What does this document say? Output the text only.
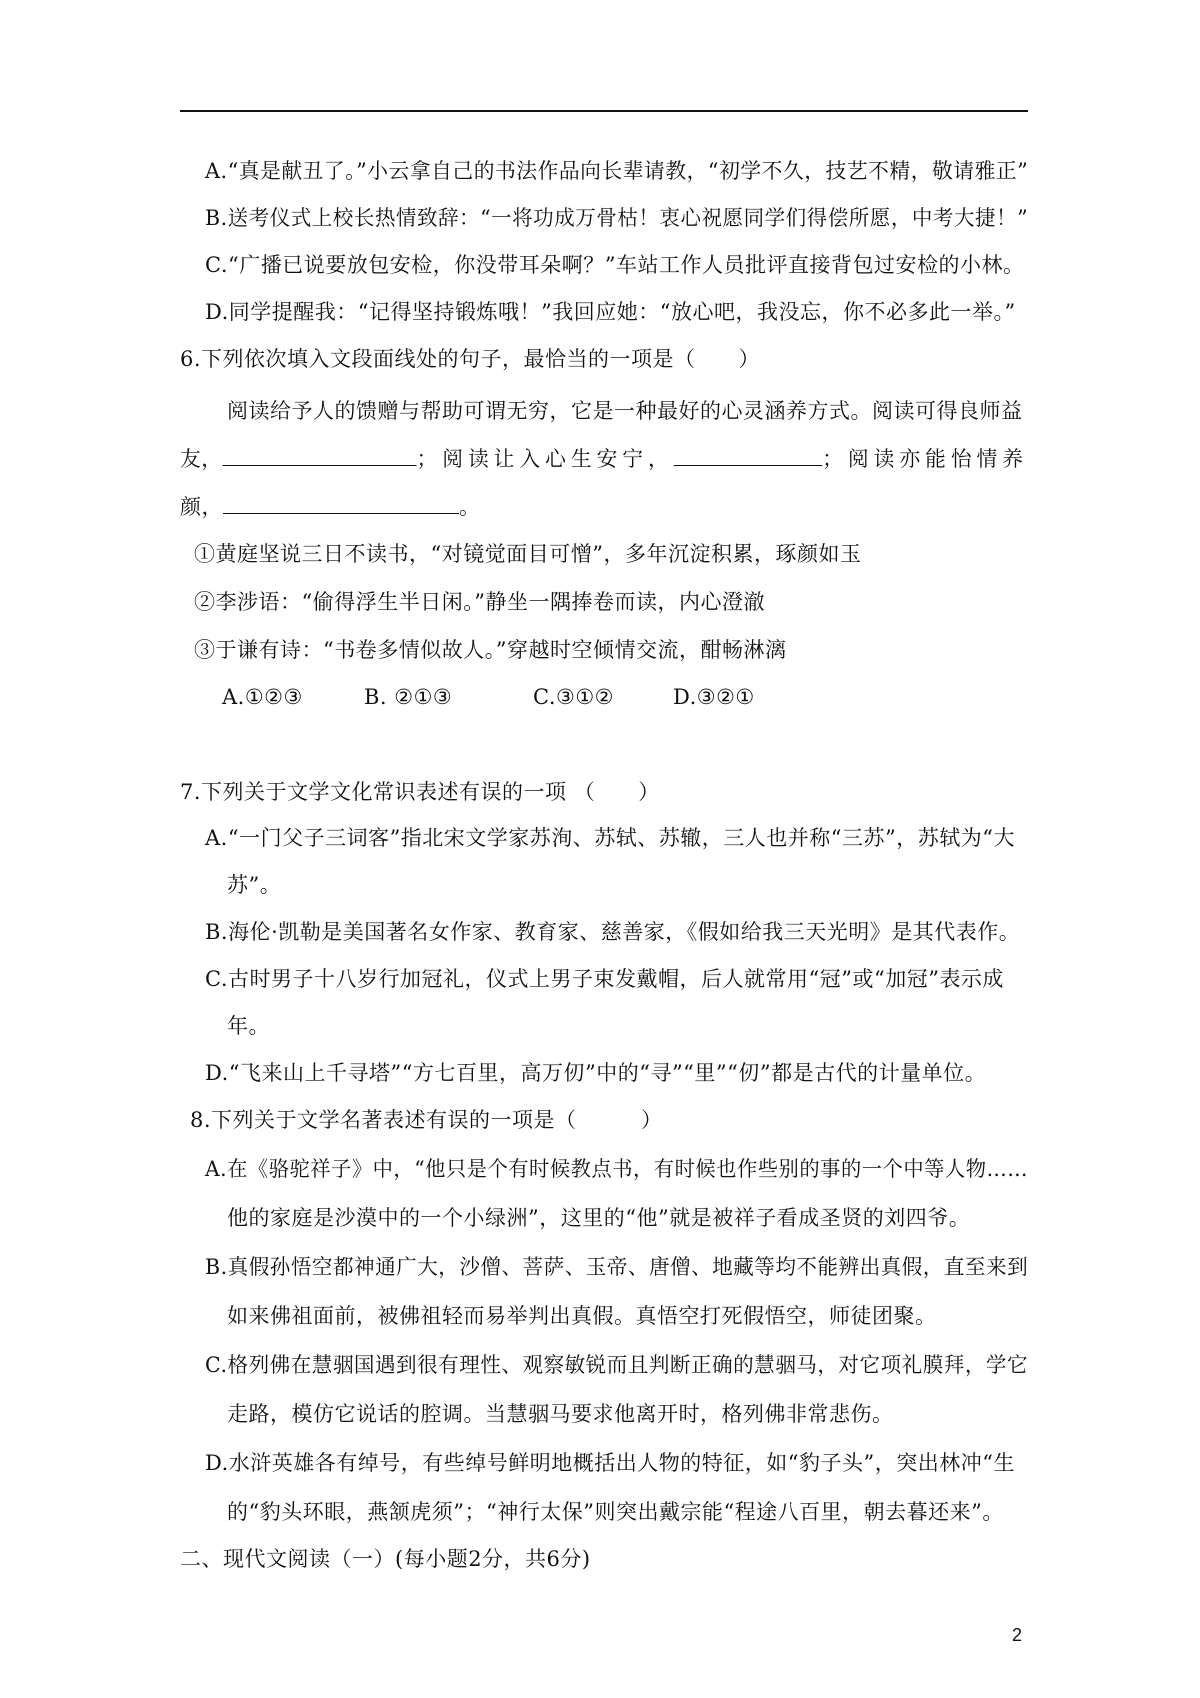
A.“真是献丑了。”小云拿自己的书法作品向长辈请教，“初学不久，技艺不精，敬请雅正”
B.送考仪式上校长热情致辞：“一将功成万骨枯！衷心祝愿同学们得偿所愿，中考大捷！”
C.“广播已说要放包安检，你没带耳朵啊？”车站工作人员批评直接背包过安检的小林。
D.同学提醒我：“记得坚持锻炼哦！”我回应她：“放心吧，我没忘，你不必多此一举。”
6.下列依次填入文段面线处的句子，最恰当的一项是（　　）
阅读给予人的馈赠与帮助可谓无穷，它是一种最好的心灵涵养方式。阅读可得良师益
友，	；阅读让入心生安宁，	；阅读亦能怡情养
颜，	。
①黄庭坚说三日不读书，“对镜觉面目可憎”，多年沉淀积累，琢颜如玉
②李涉语：“偷得浮生半日闲。”静坐一隅捧卷而读，内心澄澈
③于谦有诗：“书卷多情似故人。”穿越时空倾情交流，酣畅淋漓
A.①②③	B. ②①③	C.③①②	D.③②①
7.下列关于文学文化常识表述有误的一项 （　　）
A.“一门父子三词客”指北宋文学家苏洵、苏轼、苏辙，三人也并称“三苏”，苏轼为“大
苏”。
B.海伦·凯勒是美国著名女作家、教育家、慈善家，《假如给我三天光明》是其代表作。
C.古时男子十八岁行加冠礼，仪式上男子束发戴帽，后人就常用“冠”或“加冠”表示成
年。
D.“飞来山上千寻塔”“方七百里，高万仞”中的“寻”“里”“仞”都是古代的计量单位。
8.下列关于文学名著表述有误的一项是（　　　）
A.在《骆驼祥子》中，“他只是个有时候教点书，有时候也作些别的事的一个中等人物……
他的家庭是沙漠中的一个小绿洲”，这里的“他”就是被祥子看成圣贤的刘四爷。
B.真假孙悟空都神通广大，沙僧、菩萨、玉帝、唐僧、地藏等均不能辨出真假，直至来到
如来佛祖面前，被佛祖轻而易举判出真假。真悟空打死假悟空，师徒团聚。
C.格列佛在慧骃国遇到很有理性、观察敏锐而且判断正确的慧骃马，对它项礼膜拜，学它
走路，模仿它说话的腔调。当慧骃马要求他离开时，格列佛非常悲伤。
D.水浒英雄各有绰号，有些绰号鲜明地概括出人物的特征，如“豹子头”，突出林冲“生
的“豹头环眼，燕颔虎须”；“神行太保”则突出戴宗能“程途八百里，朝去暮还来”。
二、现代文阅读（一）(每小题2分，共6分)
2
